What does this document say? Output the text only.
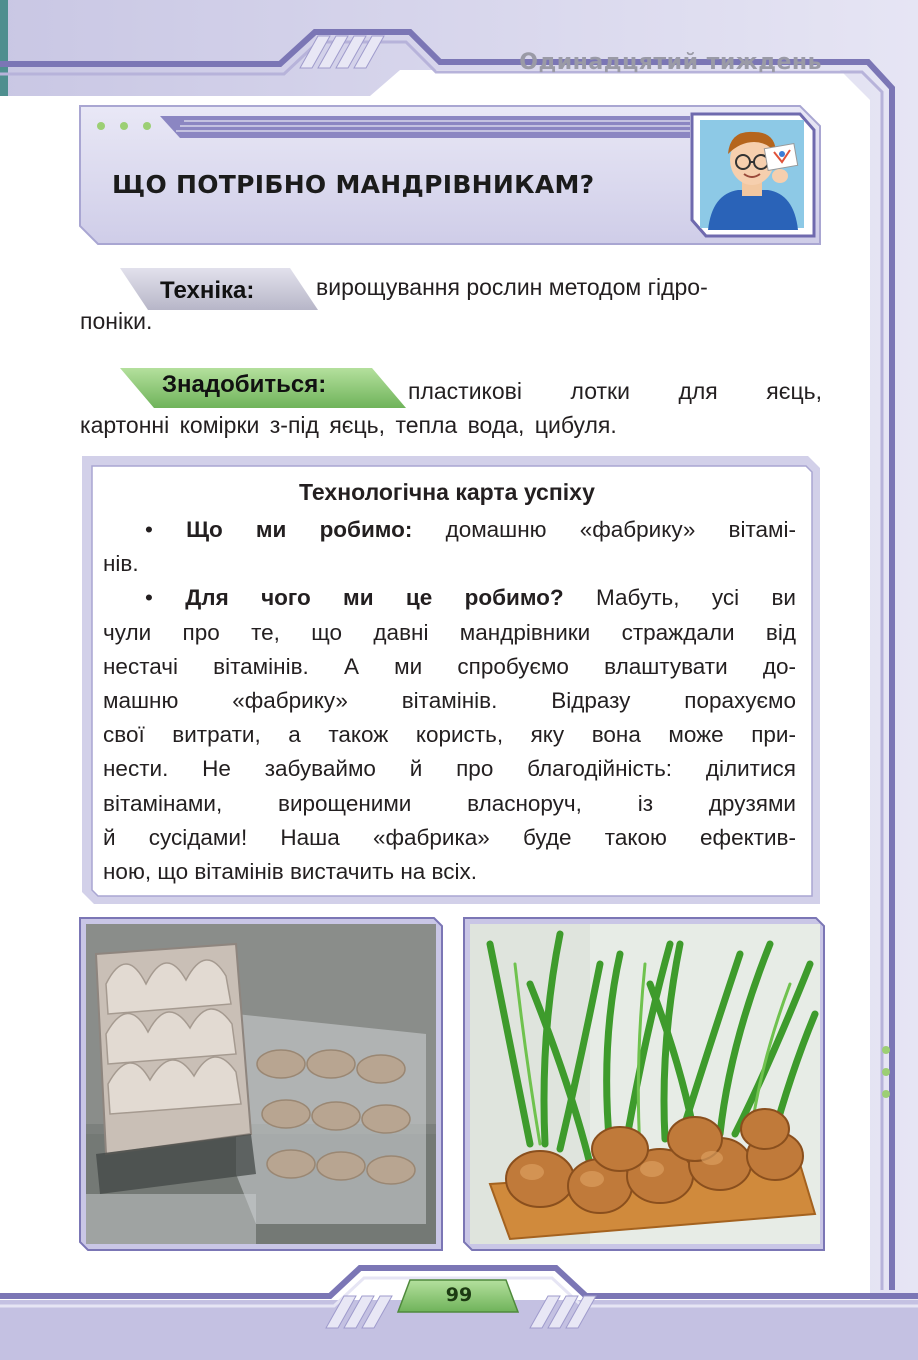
Одинадцятий тиждень
ЩО ПОТРІБНО МАНДРІВНИКАМ?
Техніка:	вирощування рослин методом гідро-
поніки.
Знадобиться:	пластикові лотки для яєць,
картонні комірки з-під яєць, тепла вода, цибуля.
Технологічна карта успіху
• Що ми робимо: домашню «фабрику» вітамі-
нів.
• Для чого ми це робимо? Мабуть, усі ви
чули про те, що давні мандрівники страждали від
нестачі вітамінів. А ми спробуємо влаштувати до-
машню «фабрику» вітамінів. Відразу порахуємо
свої витрати, а також користь, яку вона може при-
нести. Не забуваймо й про благодійність: ділитися
вітамінами, вирощеними власноруч, із друзями
й сусідами! Наша «фабрика» буде такою ефектив-
ною, що вітамінів вистачить на всіх.
99
